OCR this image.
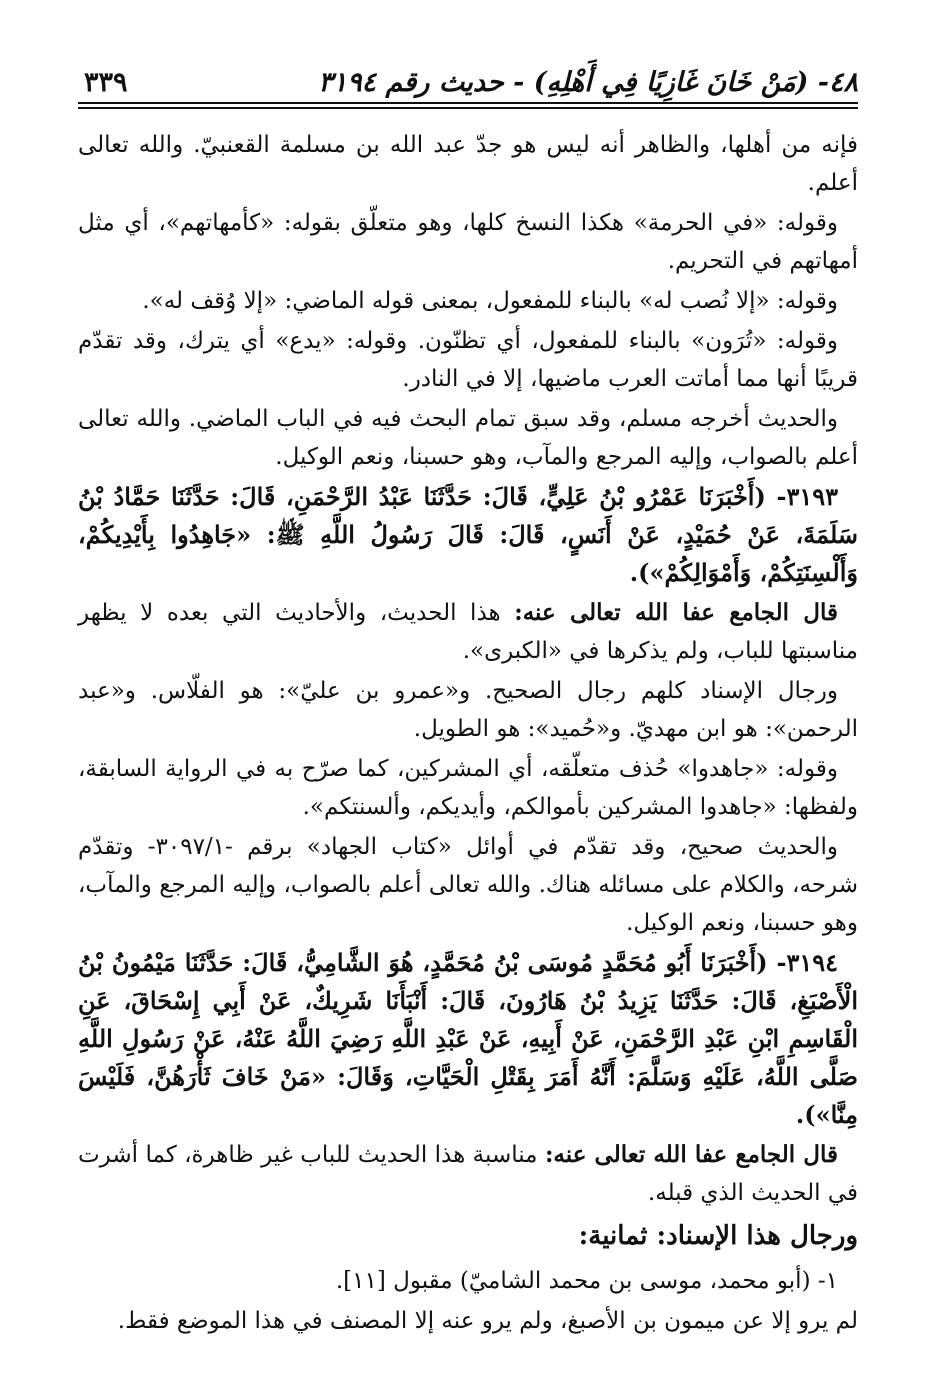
٤٨- (مَنْ خَانَ غَازِيًا فِي أَهْلِهِ) - حديث رقم ٣١٩٤
٣٣٩

فإنه من أهلها، والظاهر أنه ليس هو جدّ عبد الله بن مسلمة القعنبيّ. والله تعالى أعلم.

وقوله: «في الحرمة» هكذا النسخ كلها، وهو متعلّق بقوله: «كأمهاتهم»، أي مثل أمهاتهم في التحريم.

وقوله: «إلا نُصب له» بالبناء للمفعول، بمعنى قوله الماضي: «إلا وُقف له».

وقوله: «تُرَون» بالبناء للمفعول، أي تظنّون. وقوله: «يدع» أي يترك، وقد تقدّم قريبًا أنها مما أماتت العرب ماضيها، إلا في النادر.

والحديث أخرجه مسلم، وقد سبق تمام البحث فيه في الباب الماضي. والله تعالى أعلم بالصواب، وإليه المرجع والمآب، وهو حسبنا، ونعم الوكيل.

٣١٩٣- (أَخْبَرَنَا عَمْرُو بْنُ عَلِيٍّ، قَالَ: حَدَّثَنَا عَبْدُ الرَّحْمَنِ، قَالَ: حَدَّثَنَا حَمَّادُ بْنُ سَلَمَةَ، عَنْ حُمَيْدٍ، عَنْ أَنَسٍ، قَالَ: قَالَ رَسُولُ اللَّهِ ﷺ: «جَاهِدُوا بِأَيْدِيكُمْ، وَأَلْسِنَتِكُمْ، وَأَمْوَالِكُمْ»).

قال الجامع عفا الله تعالى عنه: هذا الحديث، والأحاديث التي بعده لا يظهر مناسبتها للباب، ولم يذكرها في «الكبرى».

ورجال الإسناد كلهم رجال الصحيح. و«عمرو بن عليّ»: هو الفلّاس. و«عبد الرحمن»: هو ابن مهديّ. و«حُميد»: هو الطويل.

وقوله: «جاهدوا» حُذف متعلّقه، أي المشركين، كما صرّح به في الرواية السابقة، ولفظها: «جاهدوا المشركين بأموالكم، وأيديكم، وألسنتكم».

والحديث صحيح، وقد تقدّم في أوائل «كتاب الجهاد» برقم -٣٠٩٧/١- وتقدّم شرحه، والكلام على مسائله هناك. والله تعالى أعلم بالصواب، وإليه المرجع والمآب، وهو حسبنا، ونعم الوكيل.

٣١٩٤- (أَخْبَرَنَا أَبُو مُحَمَّدٍ مُوسَى بْنُ مُحَمَّدٍ، هُوَ الشَّامِيُّ، قَالَ: حَدَّثَنَا مَيْمُونُ بْنُ الْأَصْبَغِ، قَالَ: حَدَّثَنَا يَزِيدُ بْنُ هَارُونَ، قَالَ: أَنْبَأَنَا شَرِيكٌ، عَنْ أَبِي إِسْحَاقَ، عَنِ الْقَاسِمِ ابْنِ عَبْدِ الرَّحْمَنِ، عَنْ أَبِيهِ، عَنْ عَبْدِ اللَّهِ رَضِيَ اللَّهُ عَنْهُ، عَنْ رَسُولِ اللَّهِ صَلَّى اللَّهُ، عَلَيْهِ وَسَلَّمَ: أَنَّهُ أَمَرَ بِقَتْلِ الْحَيَّاتِ، وَقَالَ: «مَنْ خَافَ ثَأْرَهُنَّ، فَلَيْسَ مِنَّا»).

قال الجامع عفا الله تعالى عنه: مناسبة هذا الحديث للباب غير ظاهرة، كما أشرت في الحديث الذي قبله.

ورجال هذا الإسناد: ثمانية:

١- (أبو محمد، موسى بن محمد الشاميّ) مقبول [١١].

لم يرو إلا عن ميمون بن الأصبغ، ولم يرو عنه إلا المصنف في هذا الموضع فقط.
